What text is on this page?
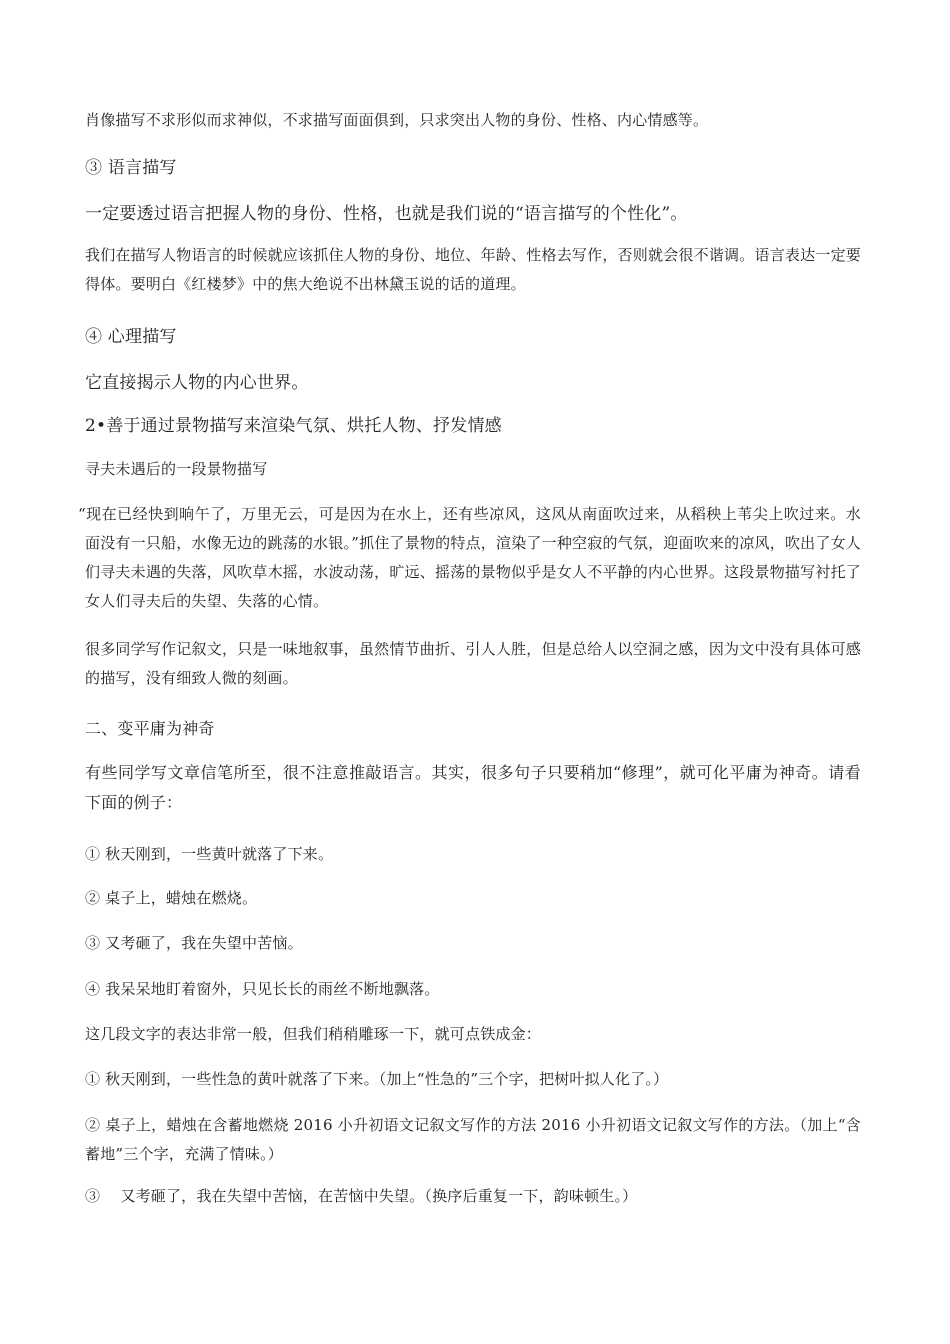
肖像描写不求形似而求神似，不求描写面面俱到，只求突出人物的身份、性格、内心情感等。
③ 语言描写
一定要透过语言把握人物的身份、性格，也就是我们说的“语言描写的个性化”。
我们在描写人物语言的时候就应该抓住人物的身份、地位、年龄、性格去写作，否则就会很不谐调。语言表达一定要得体。要明白《红楼梦》中的焦大绝说不出林黛玉说的话的道理。
④ 心理描写
它直接揭示人物的内心世界。
2•善于通过景物描写来渲染气氛、烘托人物、抒发情感
寻夫未遇后的一段景物描写
“现在已经快到晌午了，万里无云，可是因为在水上，还有些凉风，这风从南面吹过来，从稻秧上苇尖上吹过来。水面没有一只船，水像无边的跳荡的水银。”抓住了景物的特点，渲染了一种空寂的气氛，迎面吹来的凉风，吹出了女人们寻夫未遇的失落，风吹草木摇，水波动荡，旷远、摇荡的景物似乎是女人不平静的内心世界。这段景物描写衬托了女人们寻夫后的失望、失落的心情。
很多同学写作记叙文，只是一味地叙事，虽然情节曲折、引人人胜，但是总给人以空洞之感，因为文中没有具体可感的描写，没有细致人微的刻画。
二、变平庸为神奇
有些同学写文章信笔所至，很不注意推敲语言。其实，很多句子只要稍加“修理”，就可化平庸为神奇。请看下面的例子：
① 秋天刚到，一些黄叶就落了下来。
② 桌子上，蜡烛在燃烧。
③ 又考砸了，我在失望中苦恼。
④ 我呆呆地盯着窗外，只见长长的雨丝不断地飘落。
这几段文字的表达非常一般，但我们稍稍雕琢一下，就可点铁成金：
① 秋天刚到，一些性急的黄叶就落了下来。（加上“性急的”三个字，把树叶拟人化了。）
② 桌子上，蜡烛在含蓄地燃烧 2016 小升初语文记叙文写作的方法 2016 小升初语文记叙文写作的方法。（加上“含蓄地”三个字，充满了情味。）
③　 又考砸了，我在失望中苦恼，在苦恼中失望。（换序后重复一下，韵味顿生。）
